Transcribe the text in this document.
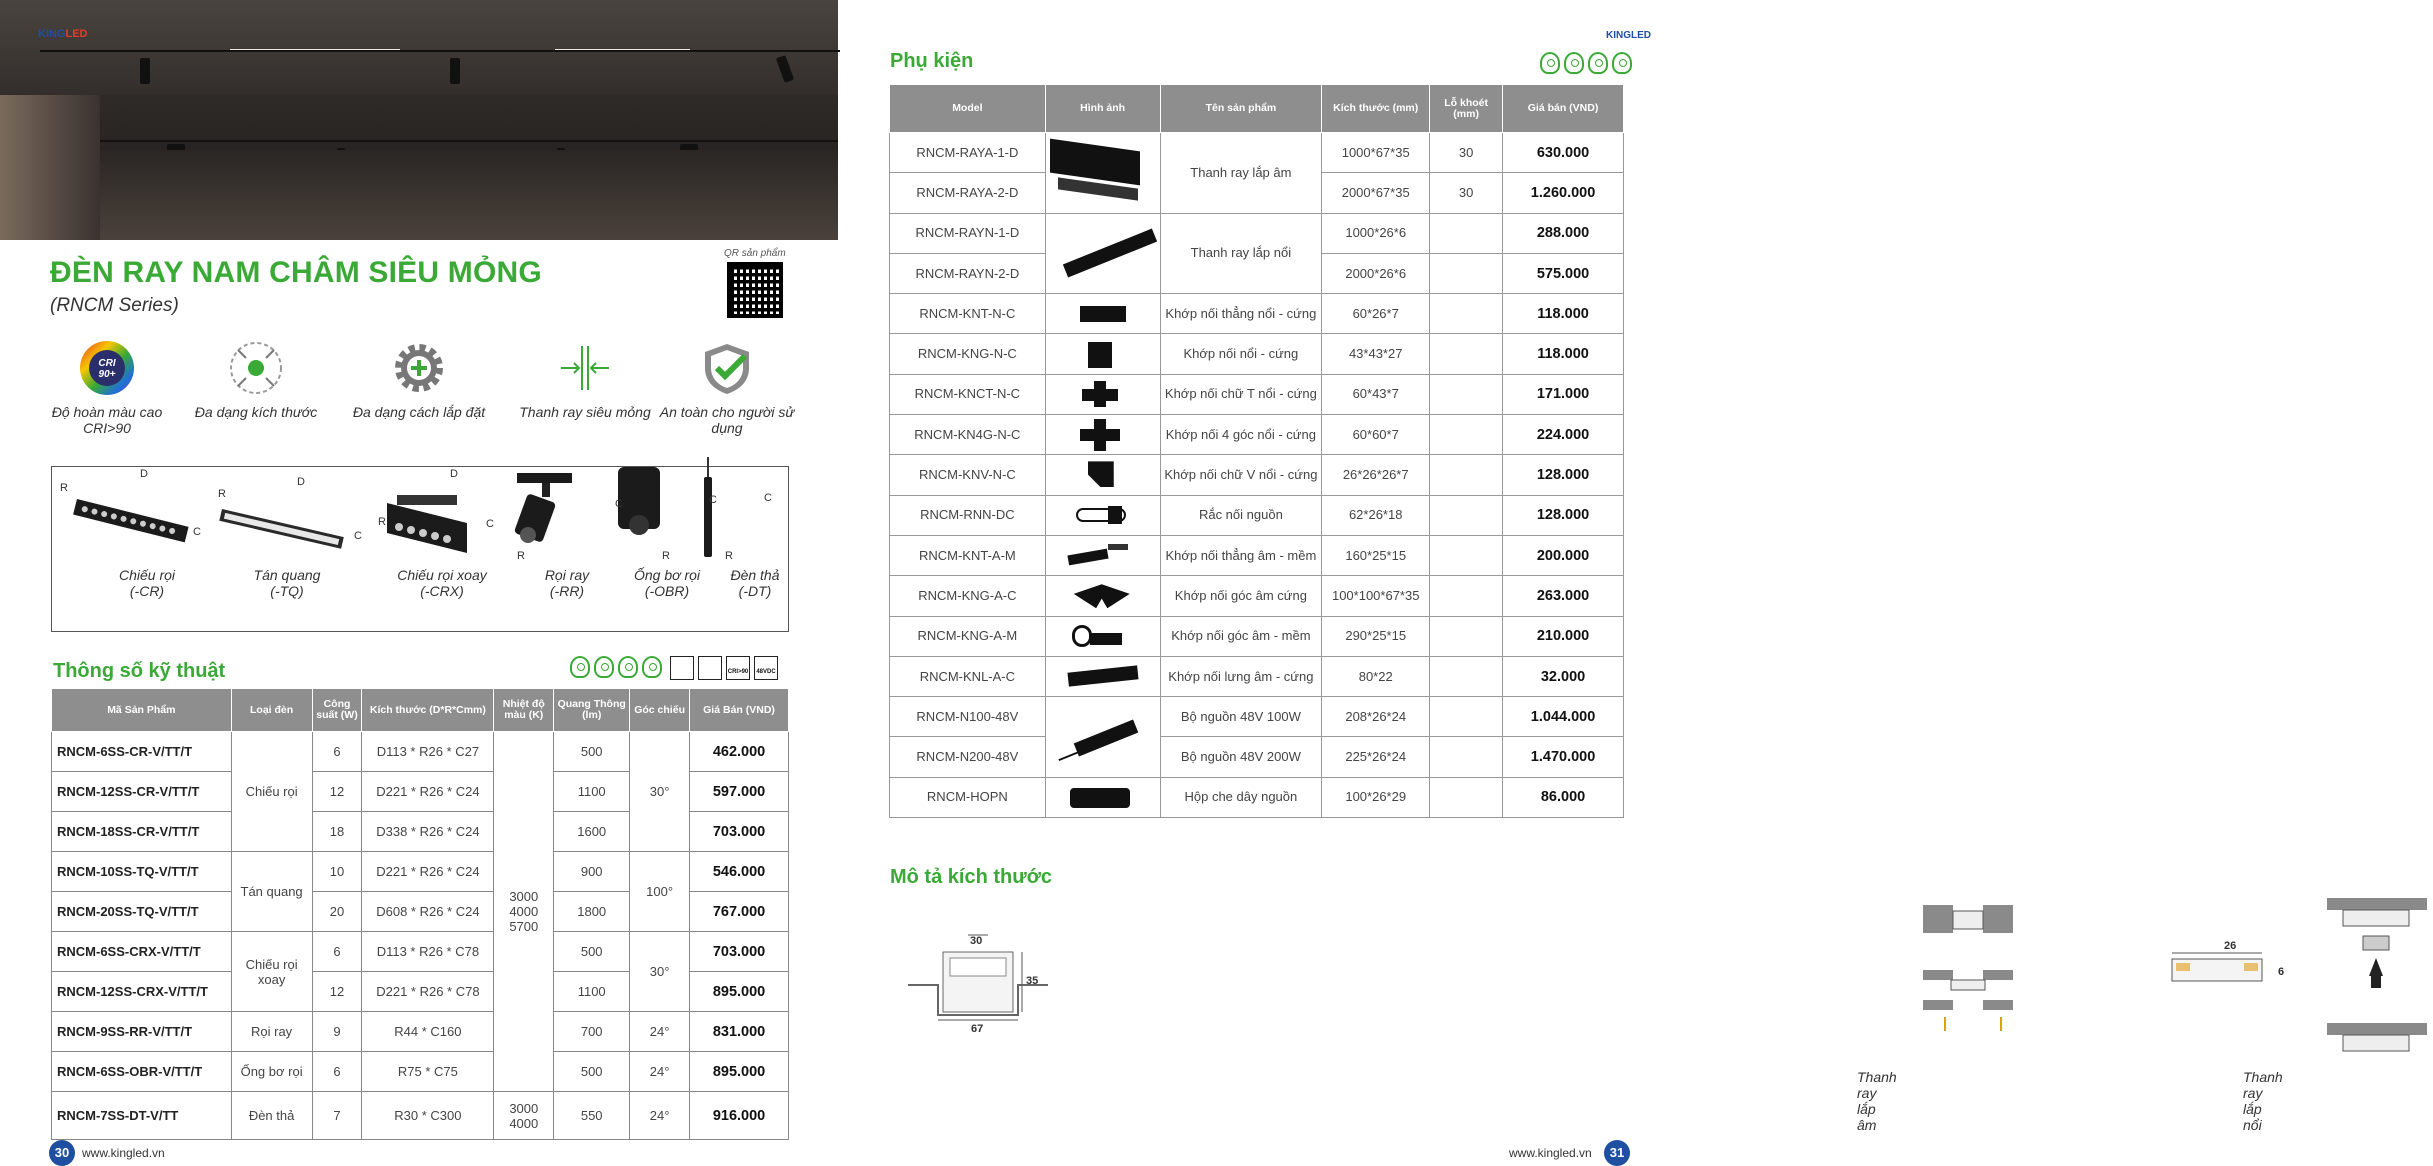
KINGLED
ĐÈN RAY NAM CHÂM SIÊU MỎNG
(RNCM Series)
QR sản phẩm
CRI
90+
Độ hoàn màu cao CRI>90
Đa dạng kích thước	Đa dạng cách lắp đặt	Thanh ray siêu mỏng An toàn cho người sử dụng
RDCRDCRDCRCRCRC
Chiếu rọi
(-CR)
Tán quang
(-TQ)
Chiếu rọi xoay
(-CRX)
Rọi ray
(-RR)
Ống bơ rọi
(-OBR)
Đèn thả
(-DT)
Thông số kỹ thuật	CRI>90	48VDC
Mã Sản Phẩm	Loại đèn	Công suất (W)	Kích thước (D*R*Cmm)	Nhiệt độ màu (K)	Quang Thông (lm)	Góc chiếu	Giá Bán (VND)
RNCM-6SS-CR-V/TT/T	Chiếu rọi	6	D113 * R26 * C27	3000 4000 5700	500	30°	462.000
RNCM-12SS-CR-V/TT/T		12	D221 * R26 * C24		1100		597.000
RNCM-18SS-CR-V/TT/T		18	D338 * R26 * C24		1600		703.000
RNCM-10SS-TQ-V/TT/T	Tán quang	10	D221 * R26 * C24		900	100°	546.000
RNCM-20SS-TQ-V/TT/T		20	D608 * R26 * C24		1800		767.000
RNCM-6SS-CRX-V/TT/T	Chiếu rọi xoay	6	D113 * R26 * C78		500	30°	703.000
RNCM-12SS-CRX-V/TT/T		12	D221 * R26 * C78		1100		895.000
RNCM-9SS-RR-V/TT/T	Rọi ray	9	R44 * C160		700	24°	831.000
RNCM-6SS-OBR-V/TT/T	Ống bơ rọi	6	R75 * C75		500	24°	895.000
RNCM-7SS-DT-V/TT	Đèn thả	7	R30 * C300	3000 4000	550	24°	916.000
30	www.kingled.vn
KINGLED
Phụ kiện
Model	Hình ảnh	Tên sản phẩm	Kích thước (mm)	Lỗ khoét (mm)	Giá bán (VND)
RNCM-RAYA-1-D		Thanh ray lắp âm	1000*67*35	30	630.000
RNCM-RAYA-2-D			2000*67*35	30	1.260.000
RNCM-RAYN-1-D		Thanh ray lắp nổi	1000*26*6		288.000
RNCM-RAYN-2-D			2000*26*6		575.000
RNCM-KNT-N-C		Khớp nối thẳng nổi - cứng	60*26*7		118.000
RNCM-KNG-N-C		Khớp nối nổi - cứng	43*43*27		118.000
RNCM-KNCT-N-C		Khớp nối chữ T nổi - cứng	60*43*7		171.000
RNCM-KN4G-N-C		Khớp nối 4 góc nổi - cứng	60*60*7		224.000
RNCM-KNV-N-C		Khớp nối chữ V nổi - cứng	26*26*26*7		128.000
RNCM-RNN-DC		Rắc nối nguồn	62*26*18		128.000
RNCM-KNT-A-M		Khớp nối thẳng âm - mềm	160*25*15		200.000
RNCM-KNG-A-C		Khớp nối góc âm cứng	100*100*67*35		263.000
RNCM-KNG-A-M		Khớp nối góc âm - mềm	290*25*15		210.000
RNCM-KNL-A-C		Khớp nối lưng âm - cứng	80*22		32.000
RNCM-N100-48V		Bộ nguồn 48V 100W	208*26*24		1.044.000
RNCM-N200-48V		Bộ nguồn 48V 200W	225*26*24		1.470.000
RNCM-HOPN		Hộp che dây nguồn	100*26*29		86.000
Mô tả kích thước
3035 67
Thanh ray lắp âm
266
Thanh ray lắp nổi
www.kingled.vn	31
